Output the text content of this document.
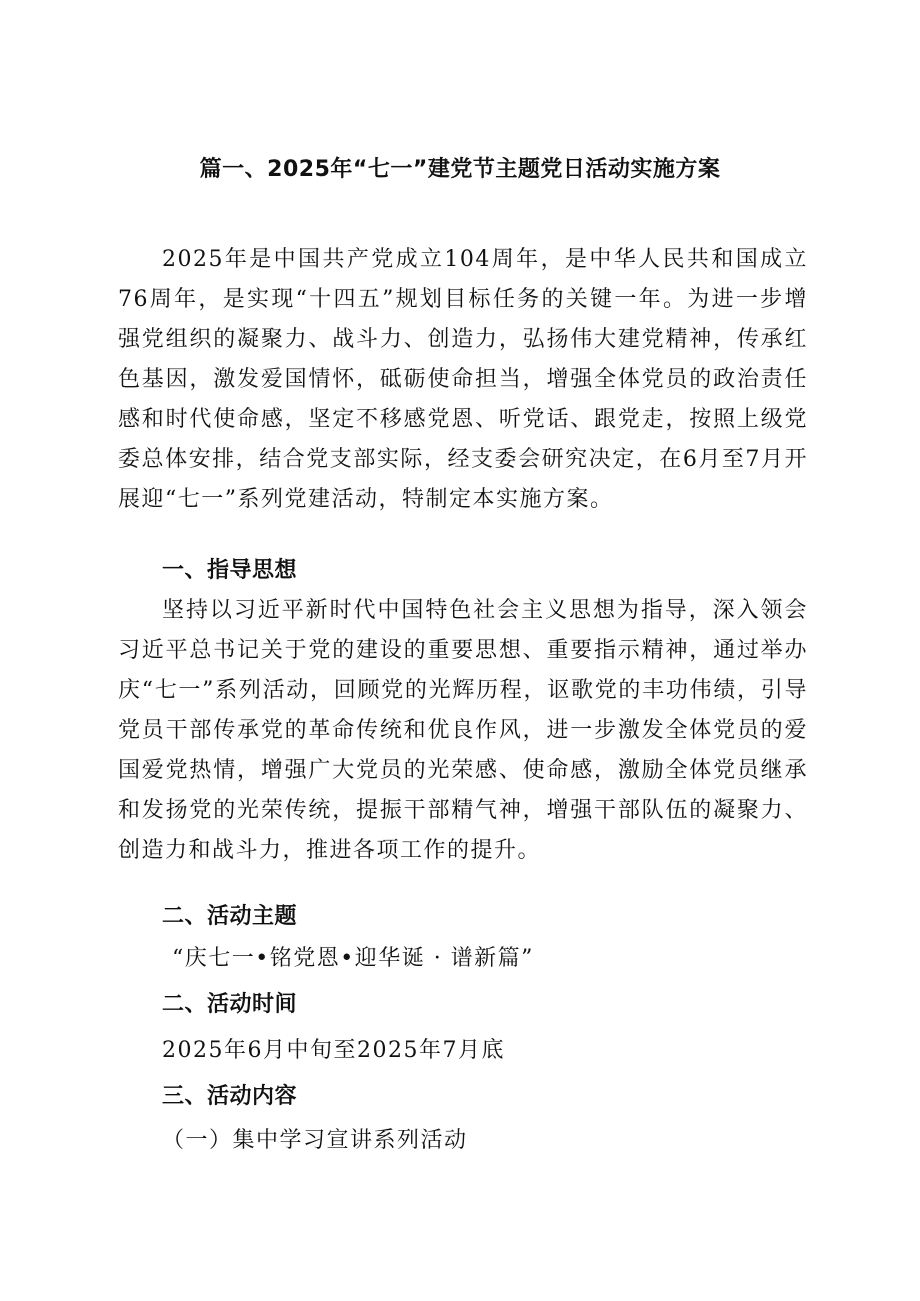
篇一、2025年“七一”建党节主题党日活动实施方案

2025年是中国共产党成立104周年，是中华人民共和国成立76周年，是实现“十四五”规划目标任务的关键一年。为进一步增强党组织的凝聚力、战斗力、创造力，弘扬伟大建党精神，传承红色基因，激发爱国情怀，砥砺使命担当，增强全体党员的政治责任感和时代使命感，坚定不移感党恩、听党话、跟党走，按照上级党委总体安排，结合党支部实际，经支委会研究决定，在6月至7月开展迎“七一”系列党建活动，特制定本实施方案。

一、指导思想

坚持以习近平新时代中国特色社会主义思想为指导，深入领会习近平总书记关于党的建设的重要思想、重要指示精神，通过举办庆“七一”系列活动，回顾党的光辉历程，讴歌党的丰功伟绩，引导党员干部传承党的革命传统和优良作风，进一步激发全体党员的爱国爱党热情，增强广大党员的光荣感、使命感，激励全体党员继承和发扬党的光荣传统，提振干部精气神，增强干部队伍的凝聚力、创造力和战斗力，推进各项工作的提升。

二、活动主题

“庆七一•铭党恩•迎华诞 · 谱新篇”

二、活动时间

2025年6月中旬至2025年7月底

三、活动内容

（一）集中学习宣讲系列活动
